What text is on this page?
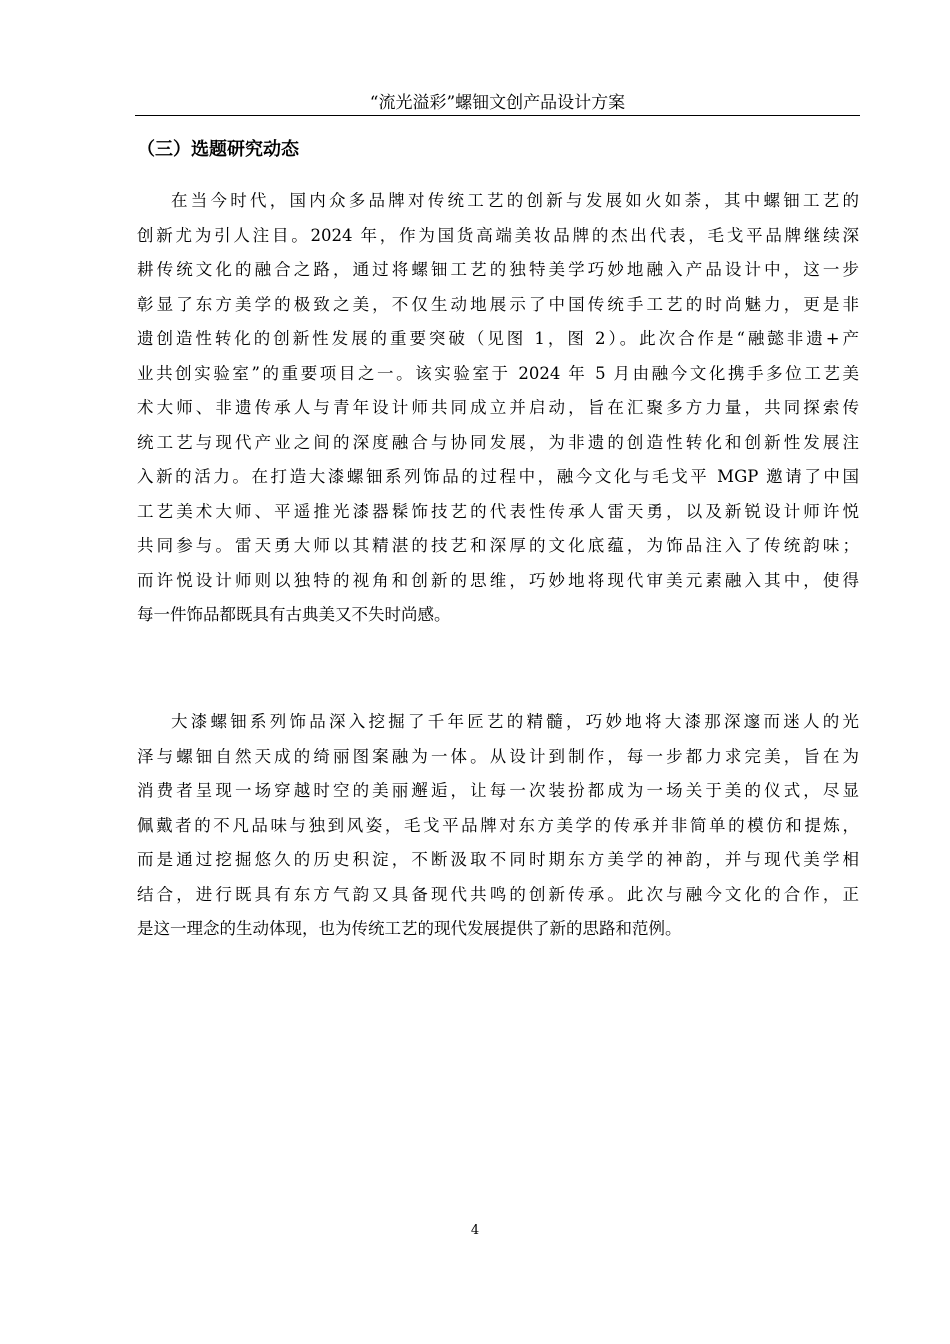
“流光溢彩”螺钿文创产品设计方案
（三）选题研究动态
在当今时代，国内众多品牌对传统工艺的创新与发展如火如荼，其中螺钿工艺的
创新尤为引人注目。2024 年，作为国货高端美妆品牌的杰出代表，毛戈平品牌继续深
耕传统文化的融合之路，通过将螺钿工艺的独特美学巧妙地融入产品设计中，这一步
彰显了东方美学的极致之美，不仅生动地展示了中国传统手工艺的时尚魅力，更是非
遗创造性转化的创新性发展的重要突破（见图 1，图 2）。此次合作是“融懿非遗+产
业共创实验室”的重要项目之一。该实验室于 2024 年 5 月由融今文化携手多位工艺美
术大师、非遗传承人与青年设计师共同成立并启动，旨在汇聚多方力量，共同探索传
统工艺与现代产业之间的深度融合与协同发展，为非遗的创造性转化和创新性发展注
入新的活力。在打造大漆螺钿系列饰品的过程中，融今文化与毛戈平 MGP 邀请了中国
工艺美术大师、平遥推光漆器髹饰技艺的代表性传承人雷天勇，以及新锐设计师许悦
共同参与。雷天勇大师以其精湛的技艺和深厚的文化底蕴，为饰品注入了传统韵味；
而许悦设计师则以独特的视角和创新的思维，巧妙地将现代审美元素融入其中，使得
每一件饰品都既具有古典美又不失时尚感。
大漆螺钿系列饰品深入挖掘了千年匠艺的精髓，巧妙地将大漆那深邃而迷人的光
泽与螺钿自然天成的绮丽图案融为一体。从设计到制作，每一步都力求完美，旨在为
消费者呈现一场穿越时空的美丽邂逅，让每一次装扮都成为一场关于美的仪式，尽显
佩戴者的不凡品味与独到风姿，毛戈平品牌对东方美学的传承并非简单的模仿和提炼，
而是通过挖掘悠久的历史积淀，不断汲取不同时期东方美学的神韵，并与现代美学相
结合，进行既具有东方气韵又具备现代共鸣的创新传承。此次与融今文化的合作，正
是这一理念的生动体现，也为传统工艺的现代发展提供了新的思路和范例。
4
